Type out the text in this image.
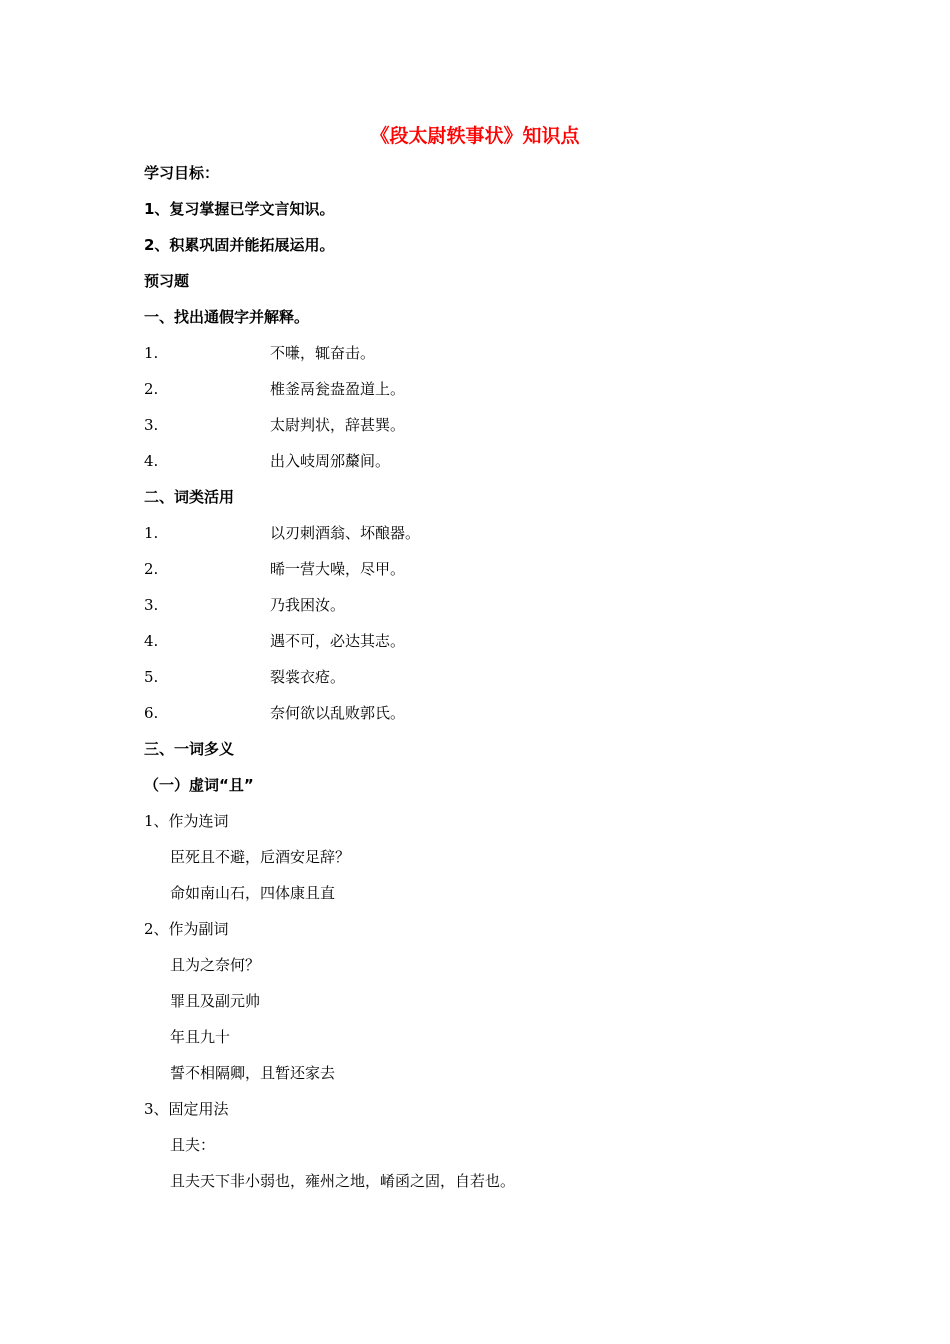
《段太尉轶事状》知识点
学习目标：
1、复习掌握已学文言知识。
2、积累巩固并能拓展运用。
预习题
一、找出通假字并解释。
1.	不嗛，辄奋击。
2.	椎釜鬲瓮盎盈道上。
3.	太尉判状，辞甚巽。
4.	出入岐周邠斄间。
二、词类活用
1.	以刃刺酒翁、坏酿器。
2.	晞一营大噪，尽甲。
3.	乃我困汝。
4.	遇不可，必达其志。
5.	裂裳衣疮。
6.	奈何欲以乱败郭氏。
三、一词多义
（一）虚词“且”
1、作为连词
臣死且不避，卮酒安足辞？
命如南山石，四体康且直
2、作为副词
且为之奈何？
罪且及副元帅
年且九十
誓不相隔卿，且暂还家去
3、固定用法
且夫：
且夫天下非小弱也，雍州之地，崤函之固，自若也。
